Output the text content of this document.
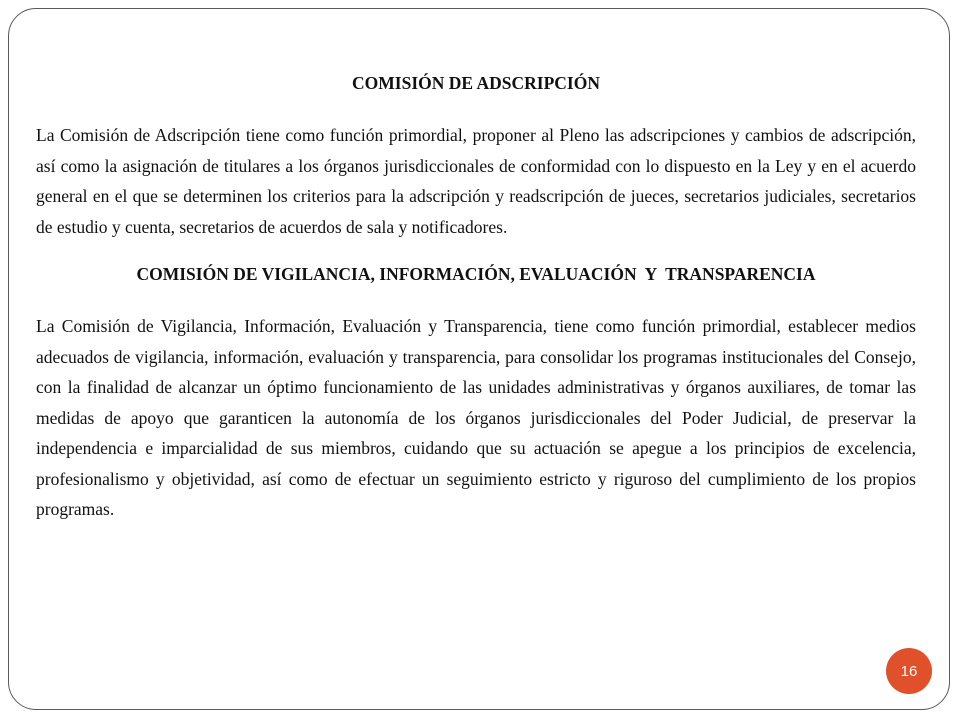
COMISIÓN DE ADSCRIPCIÓN

La Comisión de Adscripción tiene como función primordial, proponer al Pleno las adscripciones y cambios de adscripción, así como la asignación de titulares a los órganos jurisdiccionales de conformidad con lo dispuesto en la Ley y en el acuerdo general en el que se determinen los criterios para la adscripción y readscripción de jueces, secretarios judiciales, secretarios de estudio y cuenta, secretarios de acuerdos de sala y notificadores.

COMISIÓN DE VIGILANCIA, INFORMACIÓN, EVALUACIÓN  Y  TRANSPARENCIA

La Comisión de Vigilancia, Información, Evaluación y Transparencia, tiene como función primordial, establecer medios adecuados de vigilancia, información, evaluación y transparencia, para consolidar los programas institucionales del Consejo, con la finalidad de alcanzar un óptimo funcionamiento de las unidades administrativas y órganos auxiliares, de tomar las medidas de apoyo que garanticen la autonomía de los órganos jurisdiccionales del Poder Judicial, de preservar la independencia e imparcialidad de sus miembros, cuidando que su actuación se apegue a los principios de excelencia, profesionalismo y objetividad, así como de efectuar un seguimiento estricto y riguroso del cumplimiento de los propios programas.

16
